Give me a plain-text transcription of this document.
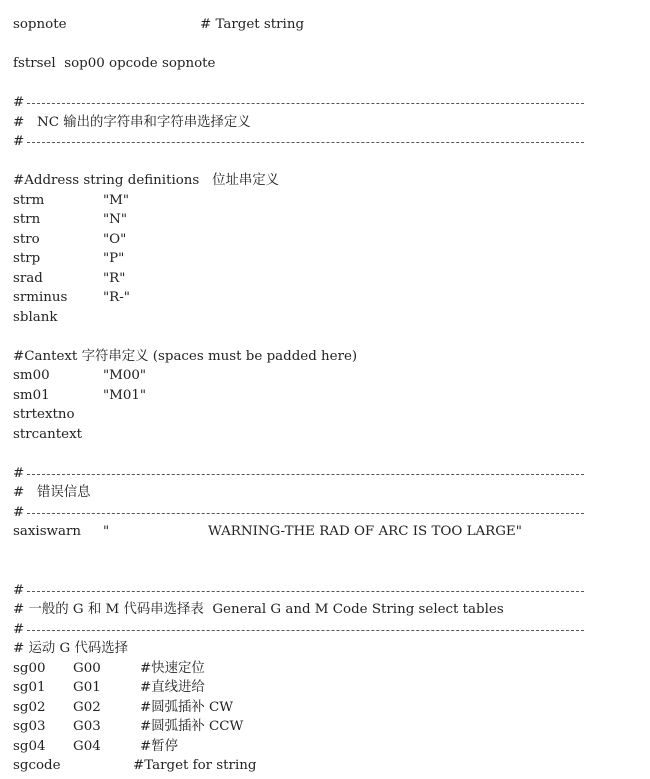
sopnote	# Target string
fstrsel  sop00 opcode sopnote
#
#   NC 输出的字符串和字符串选择定义
#
#Address string definitions   位址串定义
strm	"M"
strn	"N"
stro	"O"
strp	"P"
srad	"R"
srminus	"R-"
sblank
#Cantext 字符串定义 (spaces must be padded here)
sm00	"M00"
sm01	"M01"
strtextno
strcantext
#
#   错误信息
#
saxiswarn "	WARNING-THE RAD OF ARC IS TOO LARGE"
#
# 一般的 G 和 M 代码串选择表  General G and M Code String select tables
#
# 运动 G 代码选择
sg00 G00	#快速定位
sg01 G01	#直线进给
sg02 G02	#圆弧插补 CW
sg03 G03	#圆弧插补 CCW
sg04 G04	#暂停
sgcode	#Target for string
